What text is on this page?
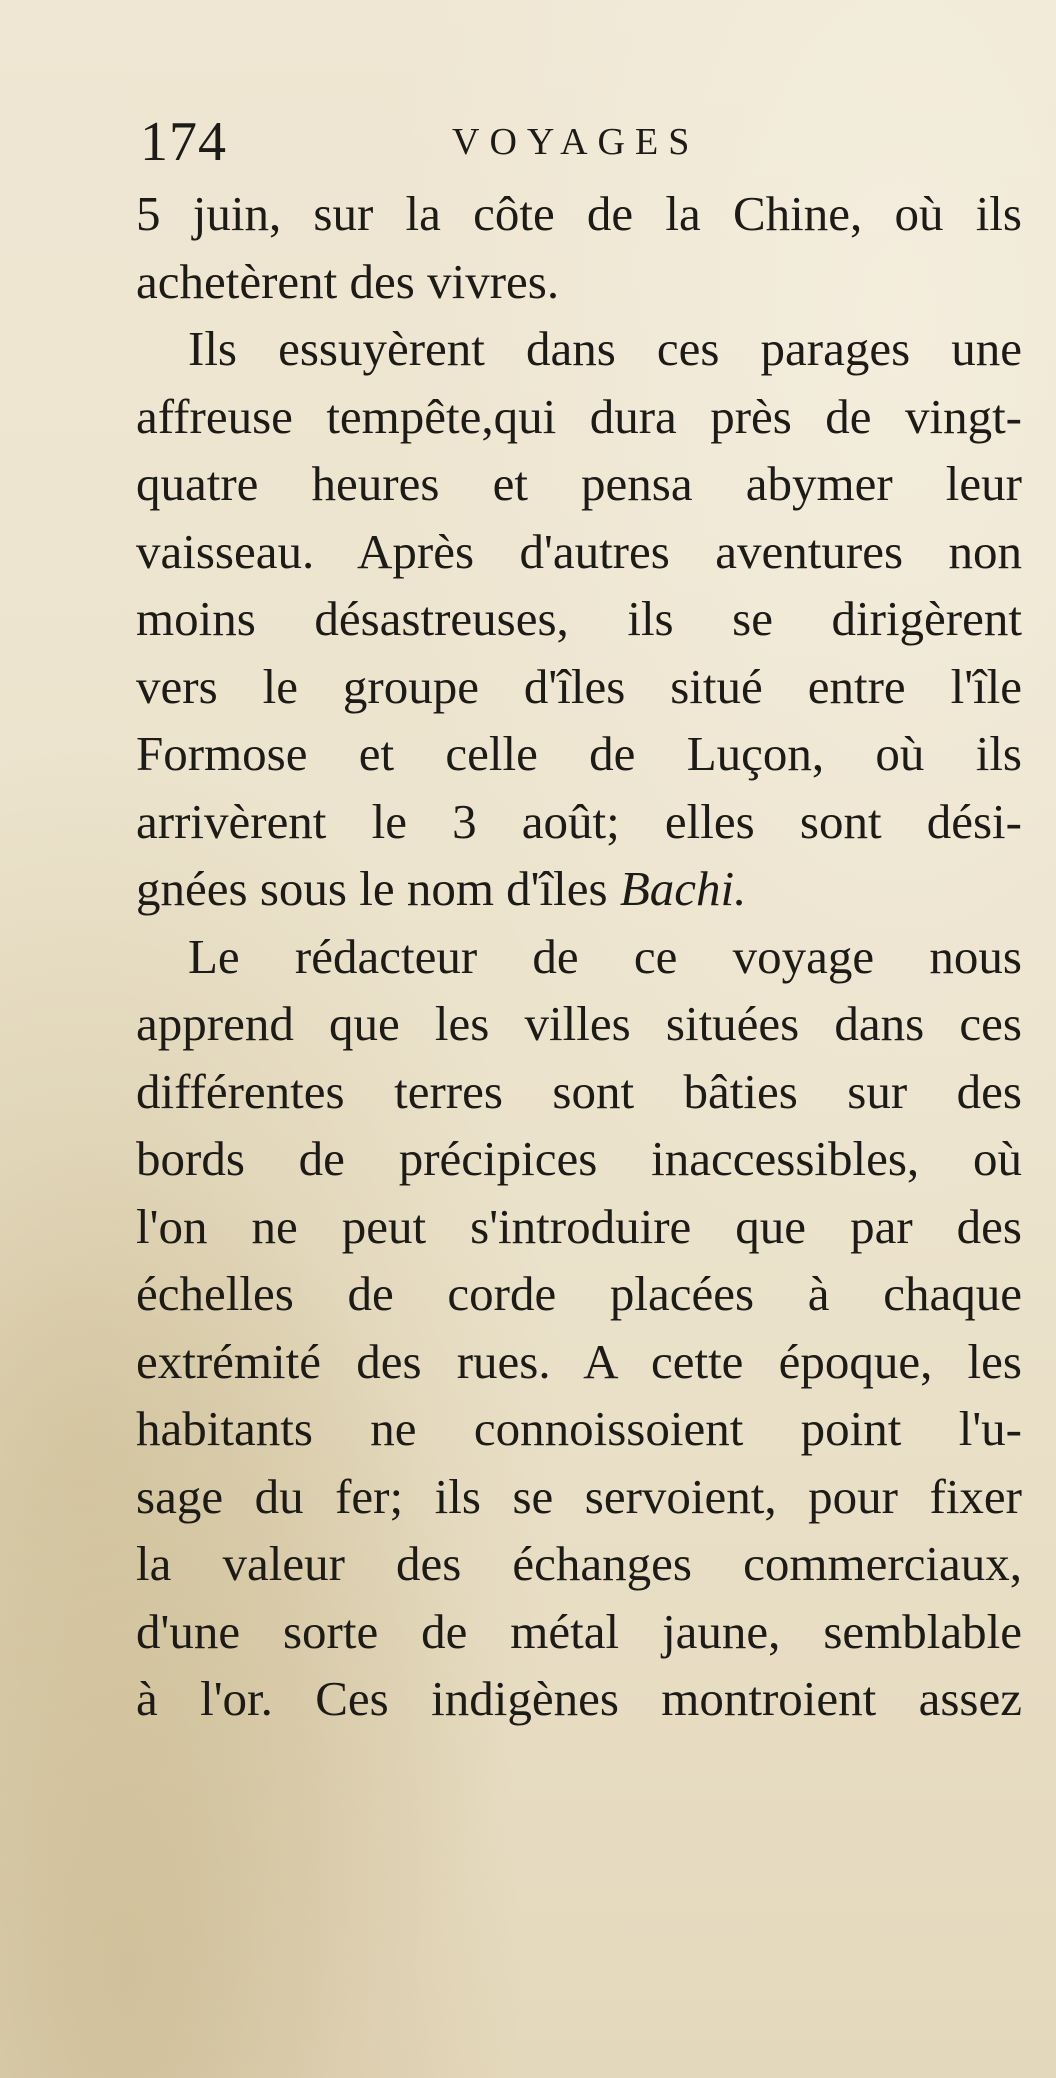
174	VOYAGES
5 juin, sur la côte de la Chine, où ils
achetèrent des vivres.
Ils essuyèrent dans ces parages une
affreuse tempête,qui dura près de vingt-
quatre heures et pensa abymer leur
vaisseau. Après d'autres aventures non
moins désastreuses, ils se dirigèrent
vers le groupe d'îles situé entre l'île
Formose et celle de Luçon, où ils
arrivèrent le 3 août; elles sont dési-
gnées sous le nom d'îles Bachi.
Le rédacteur de ce voyage nous
apprend que les villes situées dans ces
différentes terres sont bâties sur des
bords de précipices inaccessibles, où
l'on ne peut s'introduire que par des
échelles de corde placées à chaque
extrémité des rues. A cette époque, les
habitants ne connoissoient point l'u-
sage du fer; ils se servoient, pour fixer
la valeur des échanges commerciaux,
d'une sorte de métal jaune, semblable
à l'or. Ces indigènes montroient assez
